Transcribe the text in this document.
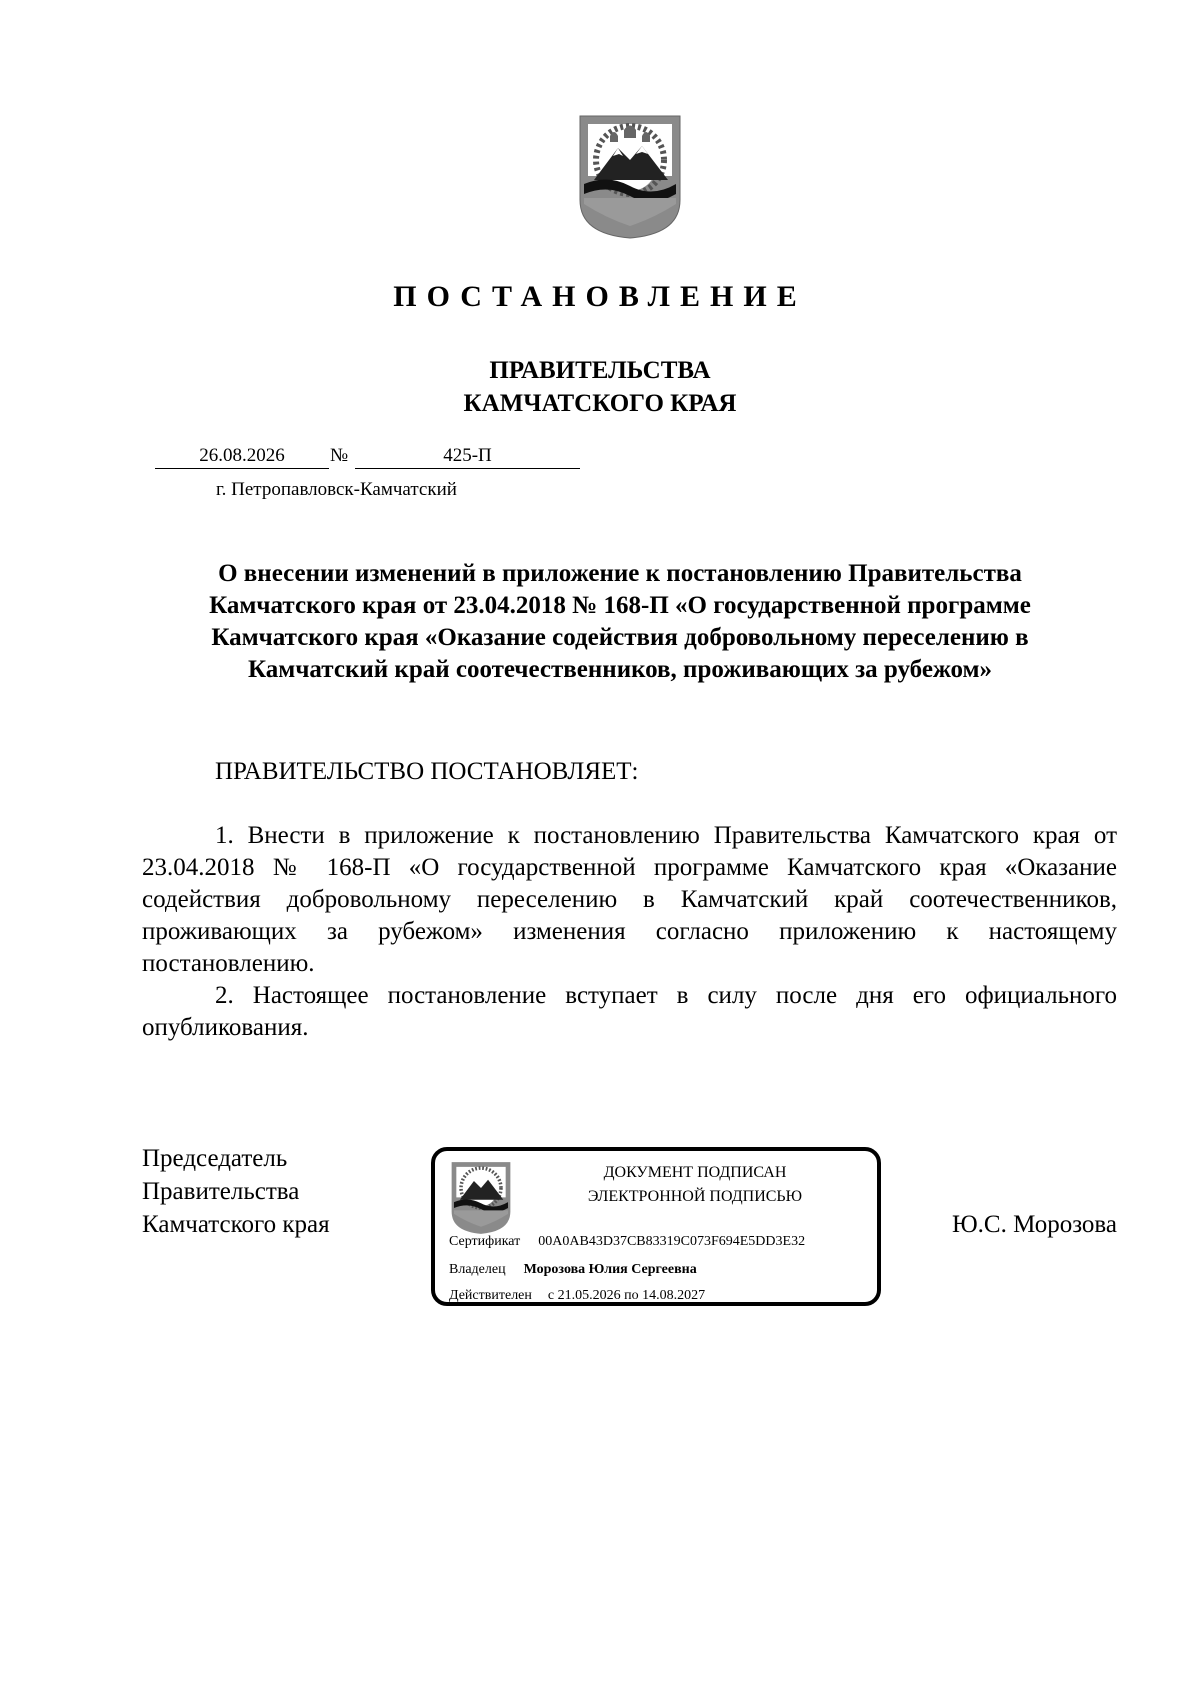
ПОСТАНОВЛЕНИЕ
ПРАВИТЕЛЬСТВА
КАМЧАТСКОГО КРАЯ
26.08.2026	№	425-П
г. Петропавловск-Камчатский
О внесении изменений в приложение к постановлению Правительства
Камчатского края от 23.04.2018 № 168-П «О государственной программе
Камчатского края «Оказание содействия добровольному переселению в
Камчатский край соотечественников, проживающих за рубежом»
ПРАВИТЕЛЬСТВО ПОСТАНОВЛЯЕТ:

1. Внести в приложение к постановлению Правительства Камчатского края от 23.04.2018 № 168-П «О государственной программе Камчатского края «Оказание содействия добровольному переселению в Камчатский край соотечественников, проживающих за рубежом» изменения согласно приложению к настоящему постановлению.

2. Настоящее постановление вступает в силу после дня его официального опубликования.

Председатель
Правительства
Камчатского края
ДОКУМЕНТ ПОДПИСАН
ЭЛЕКТРОННОЙ ПОДПИСЬЮ
Сертификат 00A0AB43D37CB83319C073F694E5DD3E32
Владелец Морозова Юлия Сергеевна
Действителен с 21.05.2026 по 14.08.2027
Ю.С. Морозова
